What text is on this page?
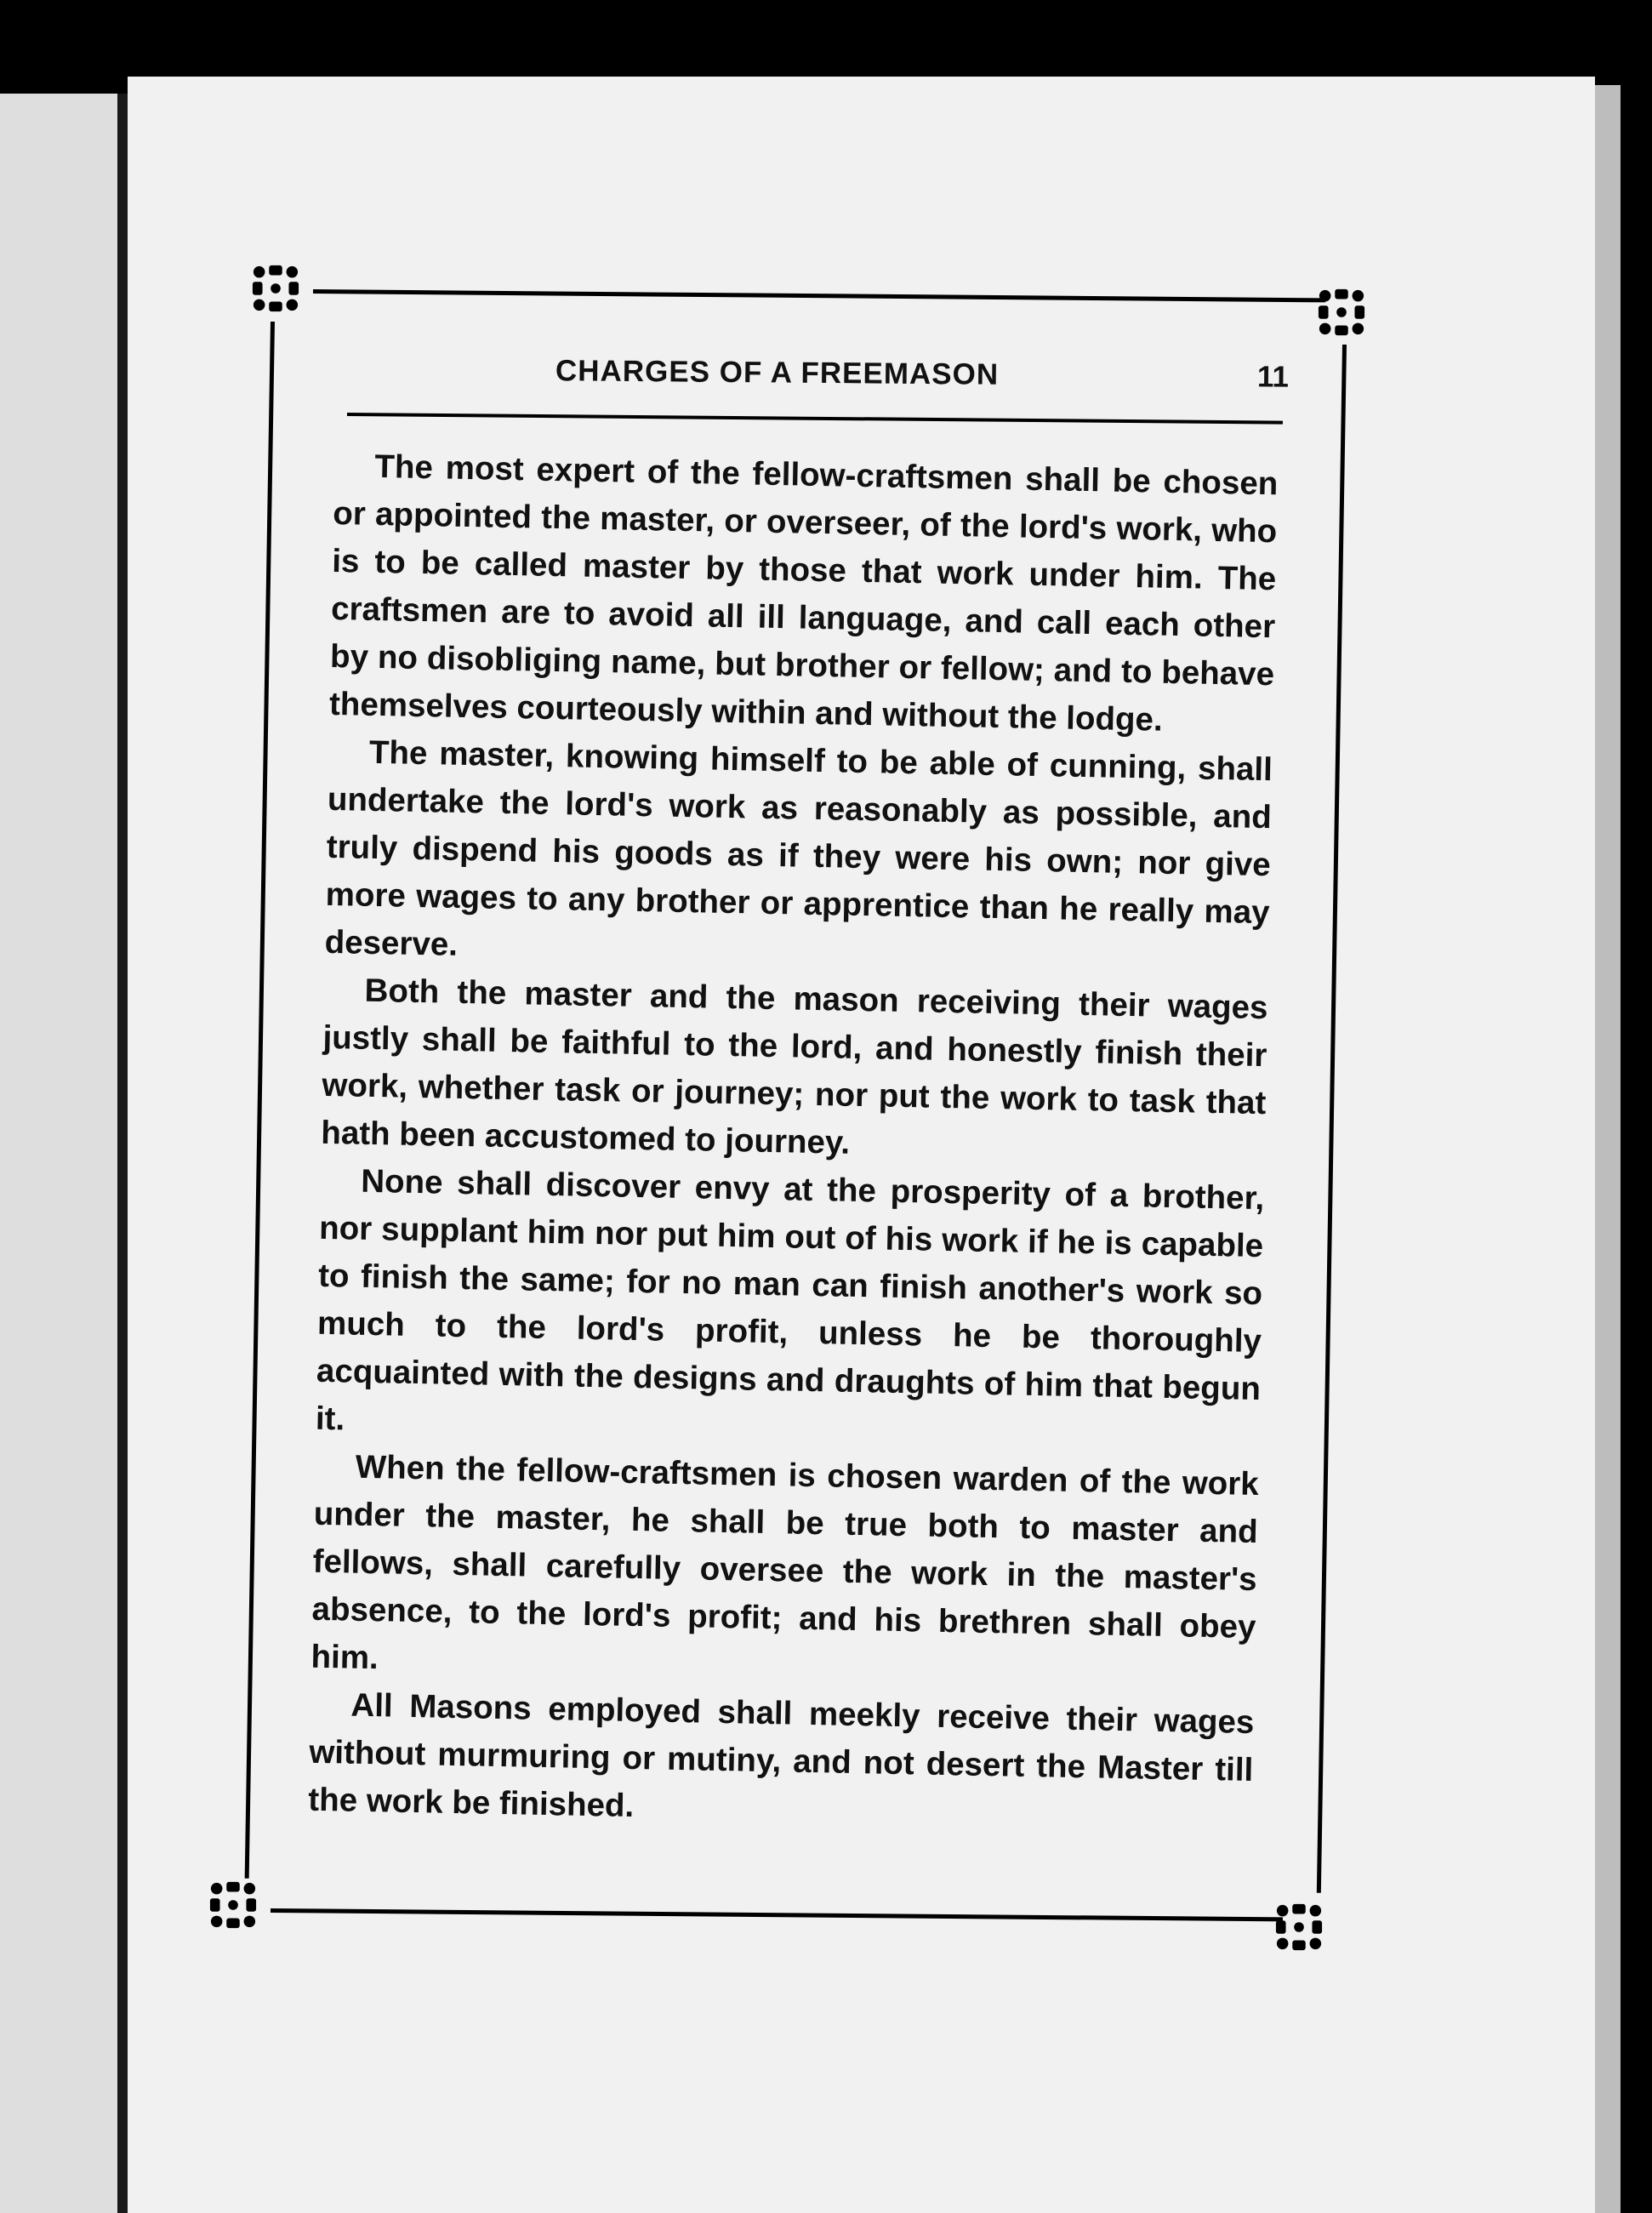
CHARGES OF A FREEMASON	11

The most expert of the fellow-craftsmen shall be chosen or appointed the master, or overseer, of the lord's work, who is to be called master by those that work under him. The craftsmen are to avoid all ill language, and call each other by no disobliging name, but brother or fellow; and to behave themselves courteously within and without the lodge.

The master, knowing himself to be able of cunning, shall undertake the lord's work as reasonably as possible, and truly dispend his goods as if they were his own; nor give more wages to any brother or apprentice than he really may deserve.

Both the master and the mason receiving their wages justly shall be faithful to the lord, and honestly finish their work, whether task or journey; nor put the work to task that hath been accustomed to journey.

None shall discover envy at the prosperity of a brother, nor supplant him nor put him out of his work if he is capable to finish the same; for no man can finish another's work so much to the lord's profit, unless he be thoroughly acquainted with the designs and draughts of him that begun it.

When the fellow-craftsmen is chosen warden of the work under the master, he shall be true both to master and fellows, shall carefully oversee the work in the master's absence, to the lord's profit; and his brethren shall obey him.

All Masons employed shall meekly receive their wages without murmuring or mutiny, and not desert the Master till the work be finished.
